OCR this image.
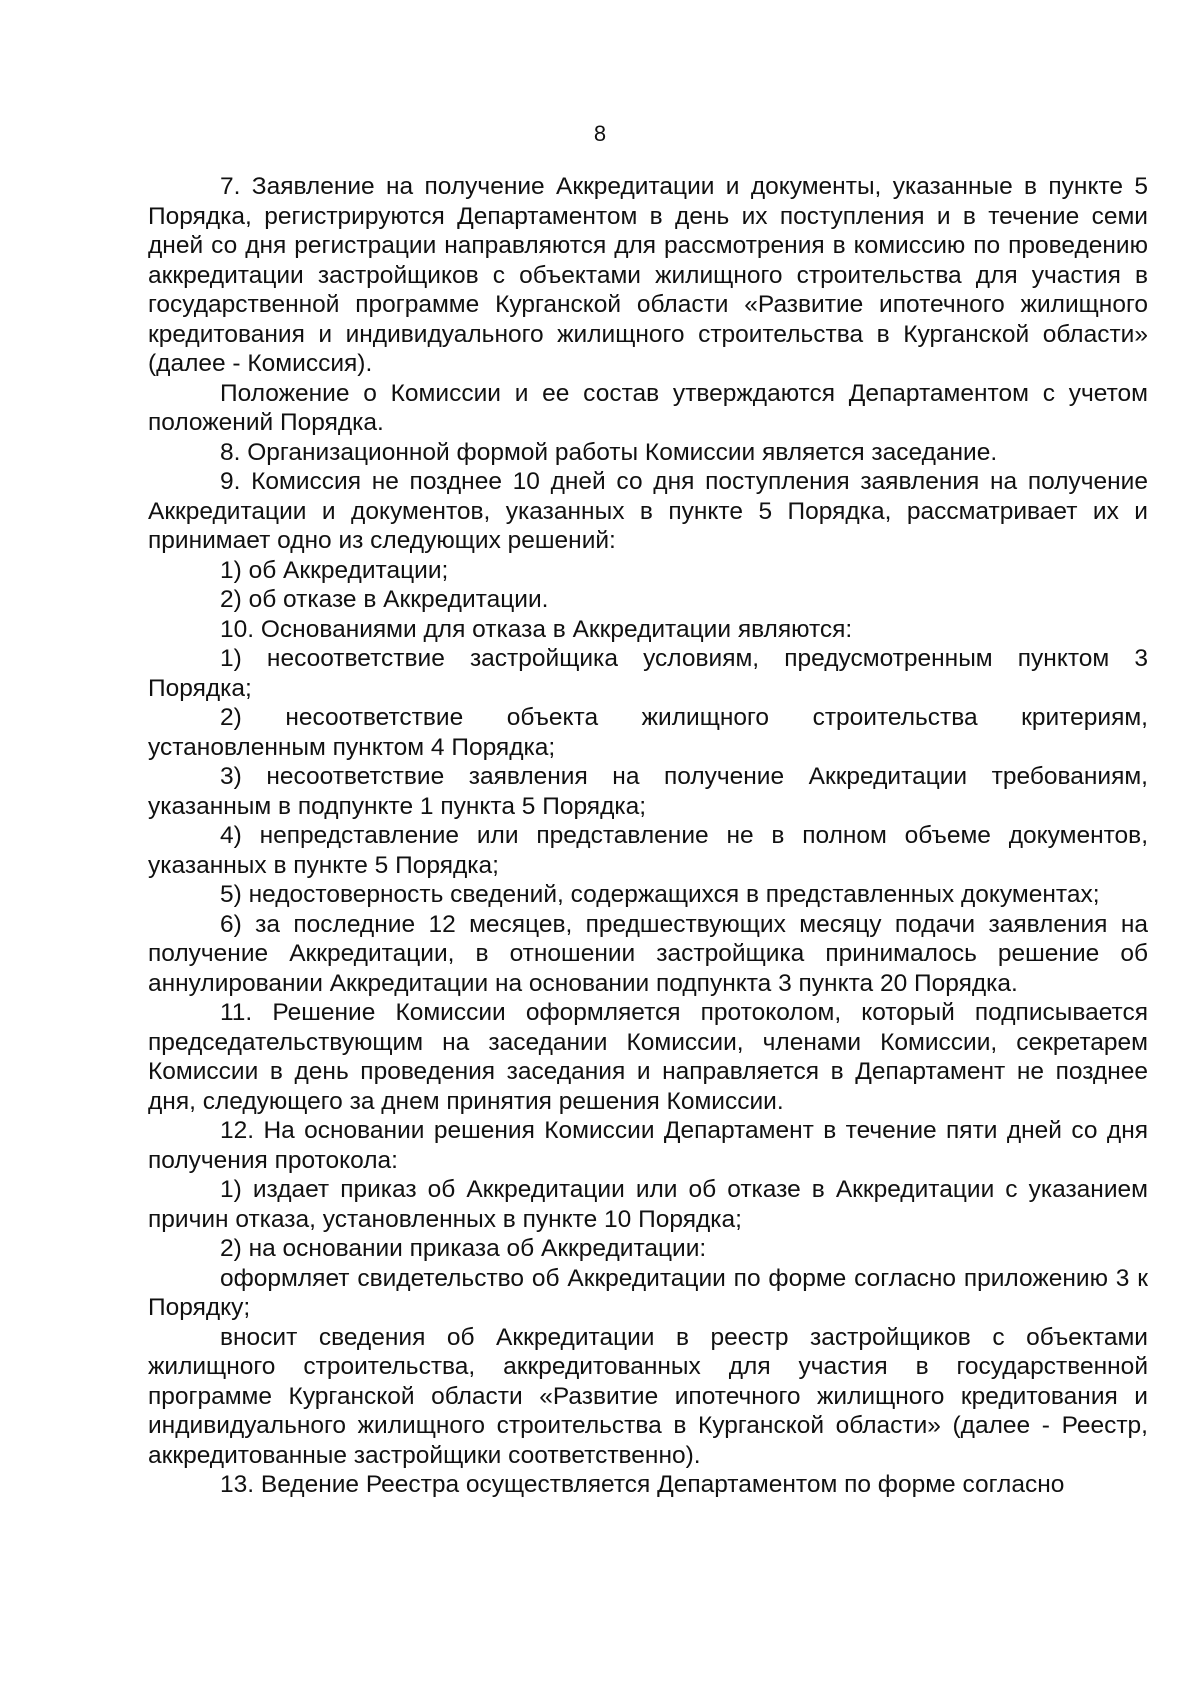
8

7. Заявление на получение Аккредитации и документы, указанные в пункте 5 Порядка, регистрируются Департаментом в день их поступления и в течение семи дней со дня регистрации направляются для рассмотрения в комиссию по проведению аккредитации застройщиков с объектами жилищного строительства для участия в государственной программе Курганской области «Развитие ипотечного жилищного кредитования и индивидуального жилищного строительства в Курганской области» (далее - Комиссия).

Положение о Комиссии и ее состав утверждаются Департаментом с учетом положений Порядка.

8. Организационной формой работы Комиссии является заседание.

9. Комиссия не позднее 10 дней со дня поступления заявления на получение Аккредитации и документов, указанных в пункте 5 Порядка, рассматривает их и принимает одно из следующих решений:

1) об Аккредитации;

2) об отказе в Аккредитации.

10. Основаниями для отказа в Аккредитации являются:

1) несоответствие застройщика условиям, предусмотренным пунктом 3 Порядка;

2) несоответствие объекта жилищного строительства критериям, установленным пунктом 4 Порядка;

3) несоответствие заявления на получение Аккредитации требованиям, указанным в подпункте 1 пункта 5 Порядка;

4) непредставление или представление не в полном объеме документов, указанных в пункте 5 Порядка;

5) недостоверность сведений, содержащихся в представленных документах;

6) за последние 12 месяцев, предшествующих месяцу подачи заявления на получение Аккредитации, в отношении застройщика принималось решение об аннулировании Аккредитации на основании подпункта 3 пункта 20 Порядка.

11. Решение Комиссии оформляется протоколом, который подписывается председательствующим на заседании Комиссии, членами Комиссии, секретарем Комиссии в день проведения заседания и направляется в Департамент не позднее дня, следующего за днем принятия решения Комиссии.

12. На основании решения Комиссии Департамент в течение пяти дней со дня получения протокола:

1) издает приказ об Аккредитации или об отказе в Аккредитации с указанием причин отказа, установленных в пункте 10 Порядка;

2) на основании приказа об Аккредитации:

оформляет свидетельство об Аккредитации по форме согласно приложению 3 к Порядку;

вносит сведения об Аккредитации в реестр застройщиков с объектами жилищного строительства, аккредитованных для участия в государственной программе Курганской области «Развитие ипотечного жилищного кредитования и индивидуального жилищного строительства в Курганской области» (далее - Реестр, аккредитованные застройщики соответственно).

13. Ведение Реестра осуществляется Департаментом по форме согласно
